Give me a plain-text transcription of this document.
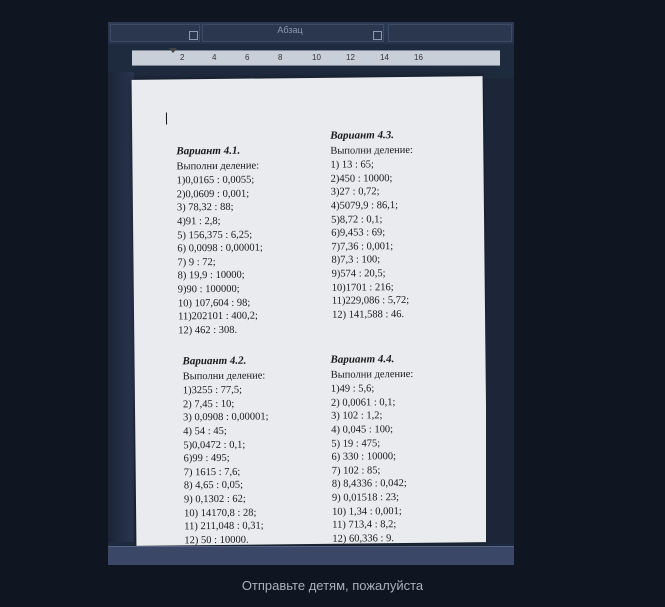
Абзац
2	4	6	8	10	12	14	16
Вариант 4.1.
Выполни деление:
1)0,0165 : 0,0055;
2)0,0609 : 0,001;
3) 78,32 : 88;
4)91 : 2,8;
5) 156,375 : 6,25;
6) 0,0098 : 0,00001;
7) 9 : 72;
8) 19,9 : 10000;
9)90 : 100000;
10) 107,604 : 98;
11)202101 : 400,2;
12) 462 : 308.
Вариант 4.3.
Выполни деление:
1) 13 : 65;
2)450 : 10000;
3)27 : 0,72;
4)5079,9 : 86,1;
5)8,72 : 0,1;
6)9,453 : 69;
7)7,36 : 0,001;
8)7,3 : 100;
9)574 : 20,5;
10)1701 : 216;
11)229,086 : 5,72;
12) 141,588 : 46.
Вариант 4.2.
Выполни деление:
1)3255 : 77,5;
2) 7,45 : 10;
3) 0,0908 : 0,00001;
4) 54 : 45;
5)0,0472 : 0,1;
6)99 : 495;
7) 1615 : 7,6;
8) 4,65 : 0,05;
9) 0,1302 : 62;
10) 14170,8 : 28;
11) 211,048 : 0,31;
12) 50 : 10000.
Вариант 4.4.
Выполни деление:
1)49 : 5,6;
2) 0,0061 : 0,1;
3) 102 : 1,2;
4) 0,045 : 100;
5) 19 : 475;
6) 330 : 10000;
7) 102 : 85;
8) 8,4336 : 0,042;
9) 0,01518 : 23;
10) 1,34 : 0,001;
11) 713,4 : 8,2;
12) 60,336 : 9.
Отправьте детям, пожалуйста
